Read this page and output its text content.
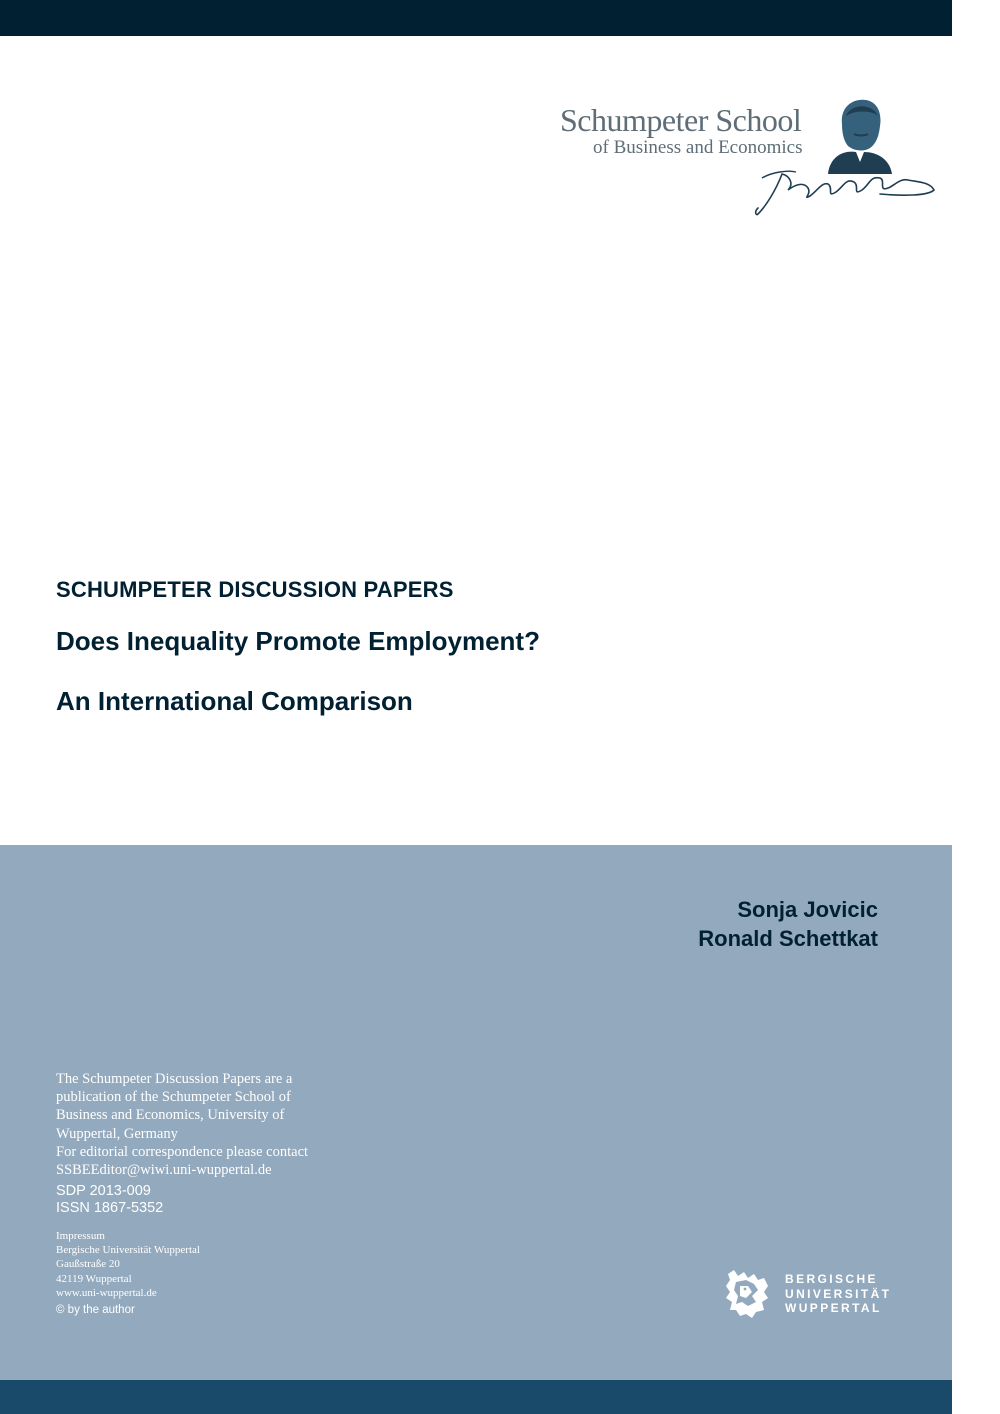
Schumpeter School
of Business and Economics
SCHUMPETER DISCUSSION PAPERS
Does Inequality Promote Employment?
An International Comparison
Sonja Jovicic
Ronald Schettkat
The Schumpeter Discussion Papers are a
publication of the Schumpeter School of
Business and Economics, University of
Wuppertal, Germany
For editorial correspondence please contact
SSBEEditor@wiwi.uni-wuppertal.de
SDP 2013-009
ISSN 1867-5352
Impressum
Bergische Universität Wuppertal
Gaußstraße 20
42119 Wuppertal
www.uni-wuppertal.de
© by the author
BERGISCHE
UNIVERSITÄT
WUPPERTAL
